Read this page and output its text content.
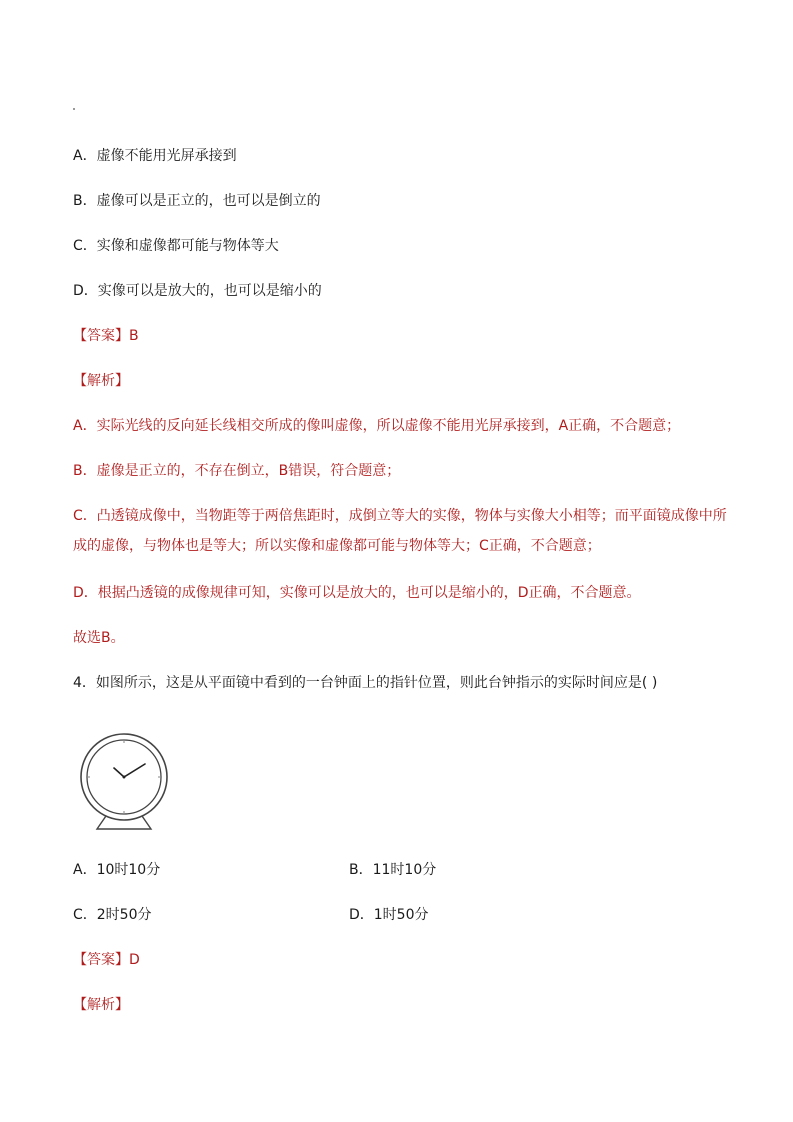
A．虚像不能用光屏承接到
B．虚像可以是正立的，也可以是倒立的
C．实像和虚像都可能与物体等大
D．实像可以是放大的，也可以是缩小的
【答案】B
【解析】
A．实际光线的反向延长线相交所成的像叫虚像，所以虚像不能用光屏承接到，A正确，不合题意；
B．虚像是正立的，不存在倒立，B错误，符合题意；
C．凸透镜成像中，当物距等于两倍焦距时，成倒立等大的实像，物体与实像大小相等；而平面镜成像中所
成的虚像，与物体也是等大；所以实像和虚像都可能与物体等大；C正确，不合题意；
D．根据凸透镜的成像规律可知，实像可以是放大的，也可以是缩小的，D正确，不合题意。
故选B。
4．如图所示，这是从平面镜中看到的一台钟面上的指针位置，则此台钟指示的实际时间应是( )
A．10时10分	B．11时10分
C．2时50分	D．1时50分
【答案】D
【解析】
